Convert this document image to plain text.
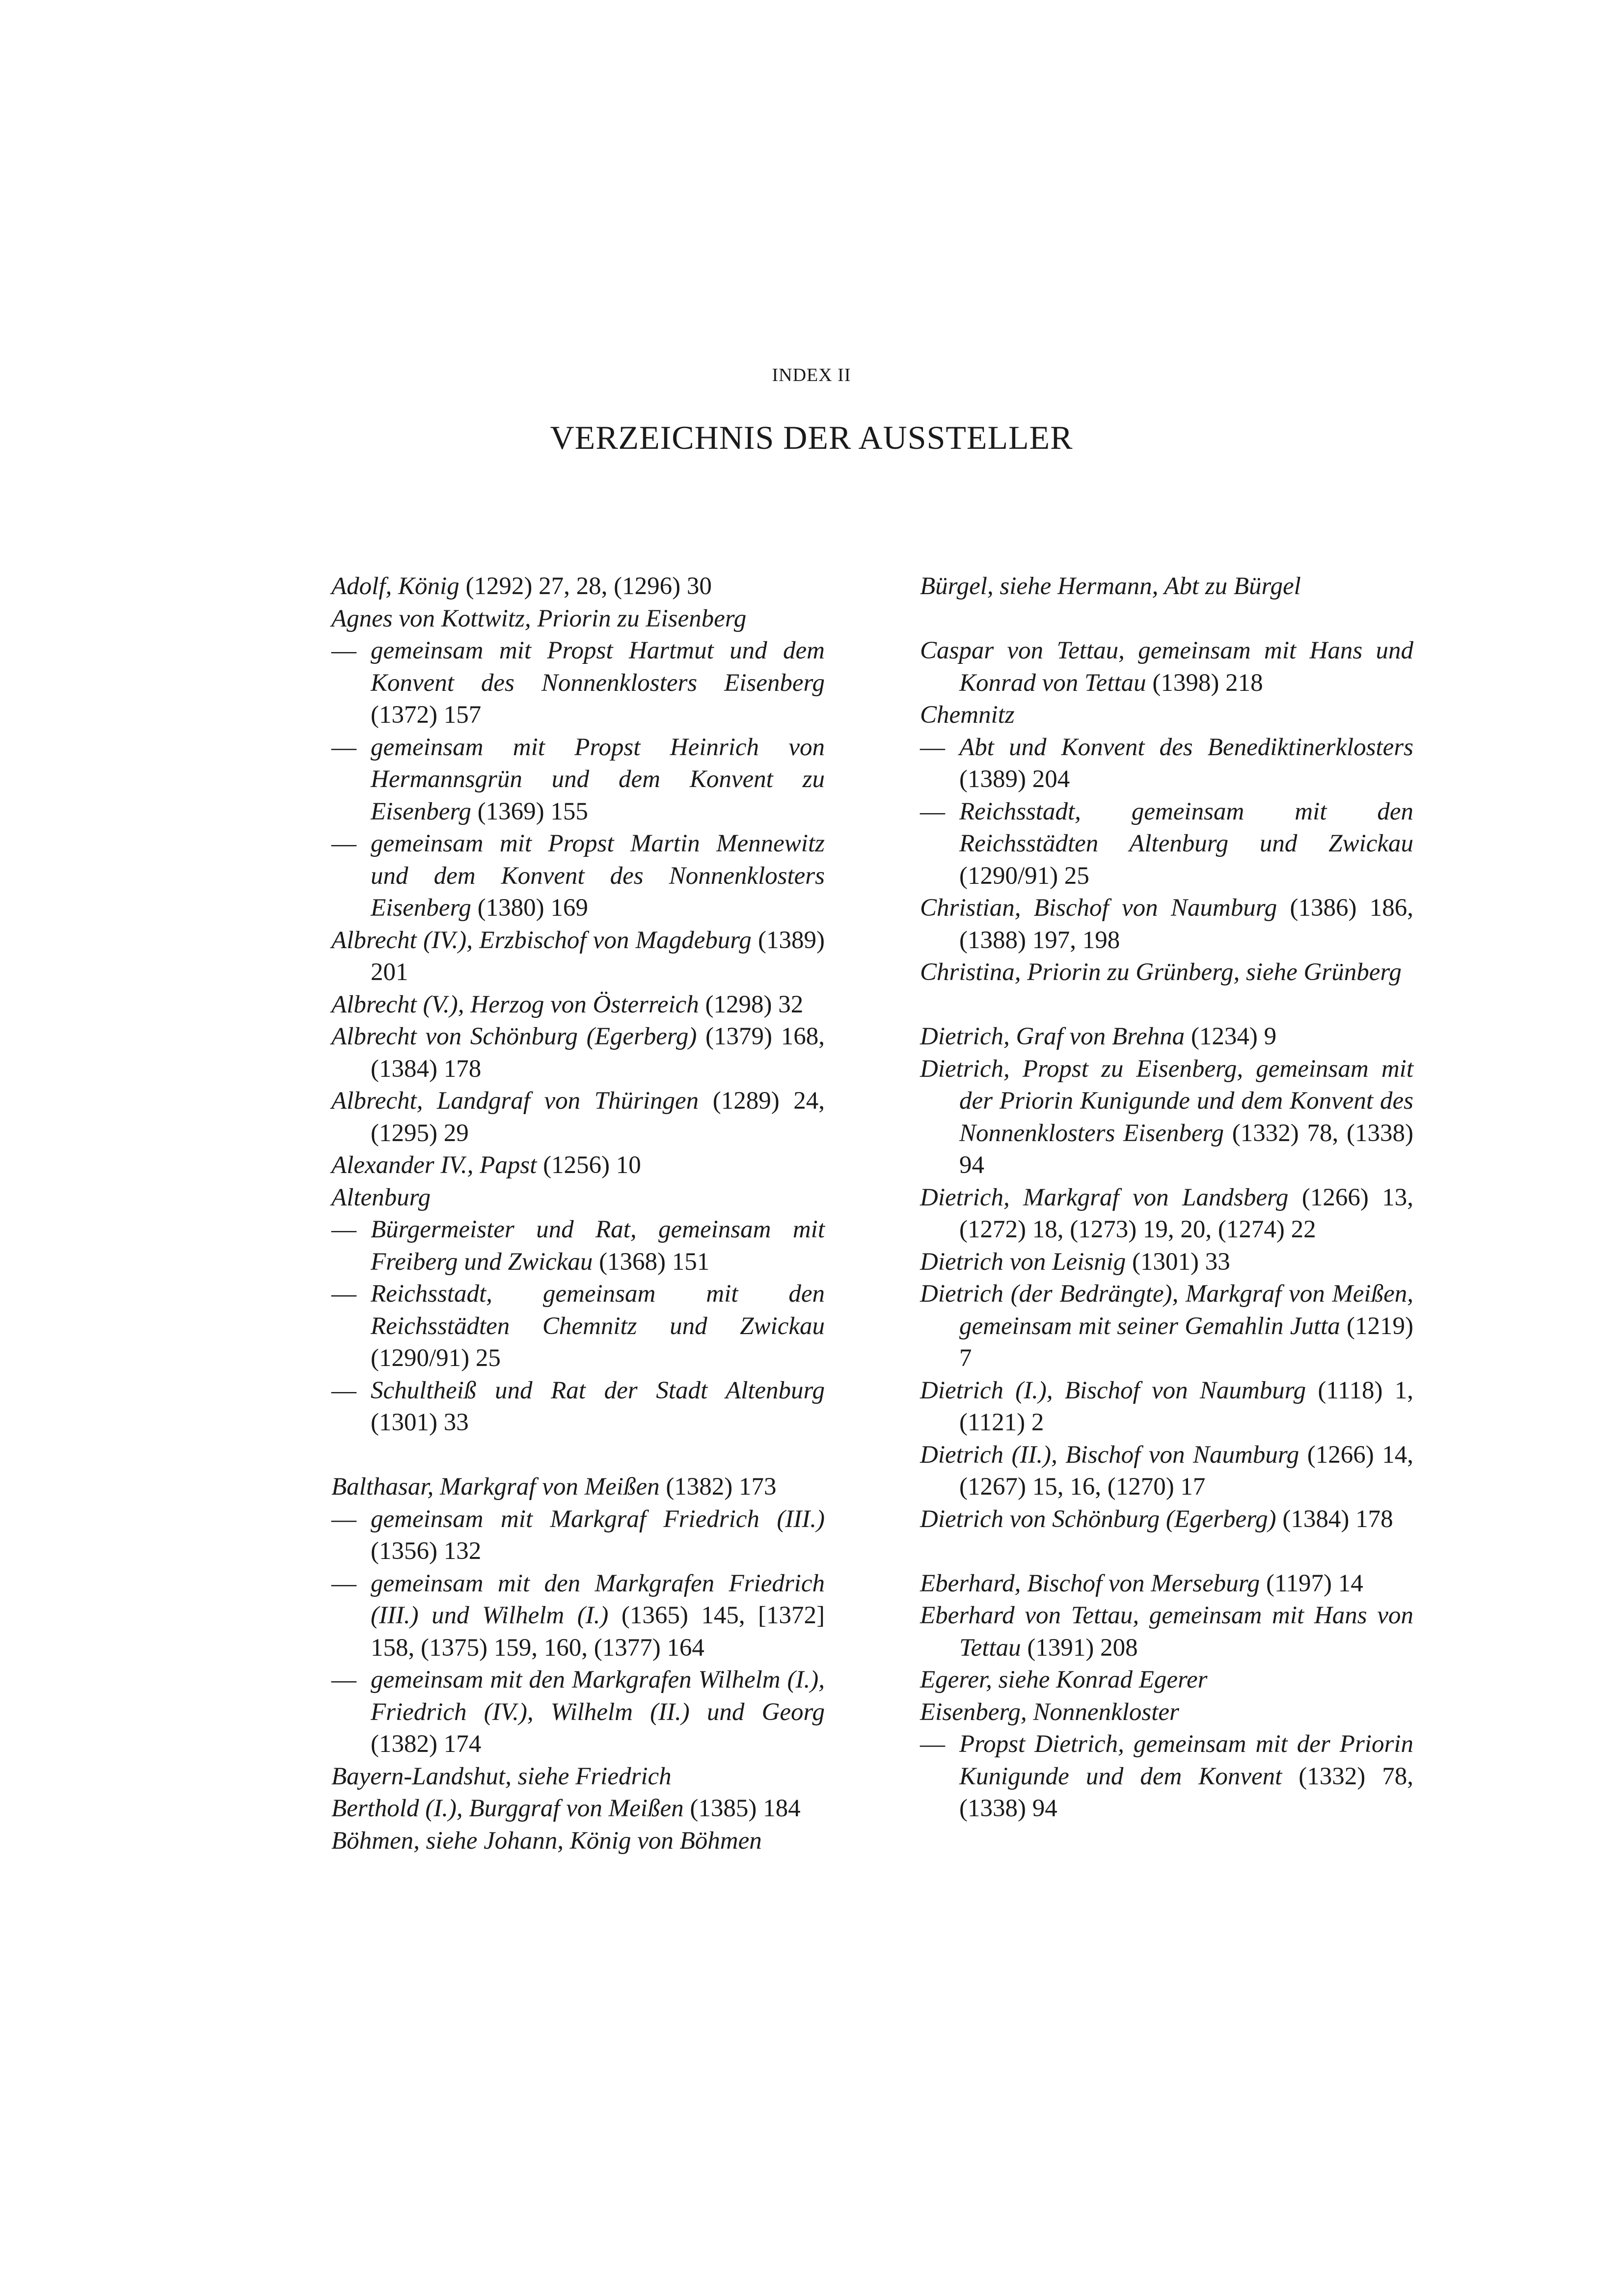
INDEX II
VERZEICHNIS DER AUSSTELLER
Adolf, König (1292) 27, 28, (1296) 30
Agnes von Kottwitz, Priorin zu Eisenberg
— gemeinsam mit Propst Hartmut und dem Konvent des Nonnenklosters Eisenberg (1372) 157
— gemeinsam mit Propst Heinrich von Hermannsgrün und dem Konvent zu Eisenberg (1369) 155
— gemeinsam mit Propst Martin Mennewitz und dem Konvent des Nonnenklosters Eisenberg (1380) 169
Albrecht (IV.), Erzbischof von Magdeburg (1389) 201
Albrecht (V.), Herzog von Österreich (1298) 32
Albrecht von Schönburg (Egerberg) (1379) 168, (1384) 178
Albrecht, Landgraf von Thüringen (1289) 24, (1295) 29
Alexander IV., Papst (1256) 10
Altenburg
— Bürgermeister und Rat, gemeinsam mit Freiberg und Zwickau (1368) 151
— Reichsstadt, gemeinsam mit den Reichsstädten Chemnitz und Zwickau (1290/91) 25
— Schultheiß und Rat der Stadt Altenburg (1301) 33
Balthasar, Markgraf von Meißen (1382) 173
— gemeinsam mit Markgraf Friedrich (III.) (1356) 132
— gemeinsam mit den Markgrafen Friedrich (III.) und Wilhelm (I.) (1365) 145, [1372] 158, (1375) 159, 160, (1377) 164
— gemeinsam mit den Markgrafen Wilhelm (I.), Friedrich (IV.), Wilhelm (II.) und Georg (1382) 174
Bayern-Landshut, siehe Friedrich
Berthold (I.), Burggraf von Meißen (1385) 184
Böhmen, siehe Johann, König von Böhmen
Bürgel, siehe Hermann, Abt zu Bürgel
Caspar von Tettau, gemeinsam mit Hans und Konrad von Tettau (1398) 218
Chemnitz
— Abt und Konvent des Benediktinerklosters (1389) 204
— Reichsstadt, gemeinsam mit den Reichsstädten Altenburg und Zwickau (1290/91) 25
Christian, Bischof von Naumburg (1386) 186, (1388) 197, 198
Christina, Priorin zu Grünberg, siehe Grünberg
Dietrich, Graf von Brehna (1234) 9
Dietrich, Propst zu Eisenberg, gemeinsam mit der Priorin Kunigunde und dem Konvent des Nonnenklosters Eisenberg (1332) 78, (1338) 94
Dietrich, Markgraf von Landsberg (1266) 13, (1272) 18, (1273) 19, 20, (1274) 22
Dietrich von Leisnig (1301) 33
Dietrich (der Bedrängte), Markgraf von Meißen, gemeinsam mit seiner Gemahlin Jutta (1219) 7
Dietrich (I.), Bischof von Naumburg (1118) 1, (1121) 2
Dietrich (II.), Bischof von Naumburg (1266) 14, (1267) 15, 16, (1270) 17
Dietrich von Schönburg (Egerberg) (1384) 178
Eberhard, Bischof von Merseburg (1197) 14
Eberhard von Tettau, gemeinsam mit Hans von Tettau (1391) 208
Egerer, siehe Konrad Egerer
Eisenberg, Nonnenkloster
— Propst Dietrich, gemeinsam mit der Priorin Kunigunde und dem Konvent (1332) 78, (1338) 94
